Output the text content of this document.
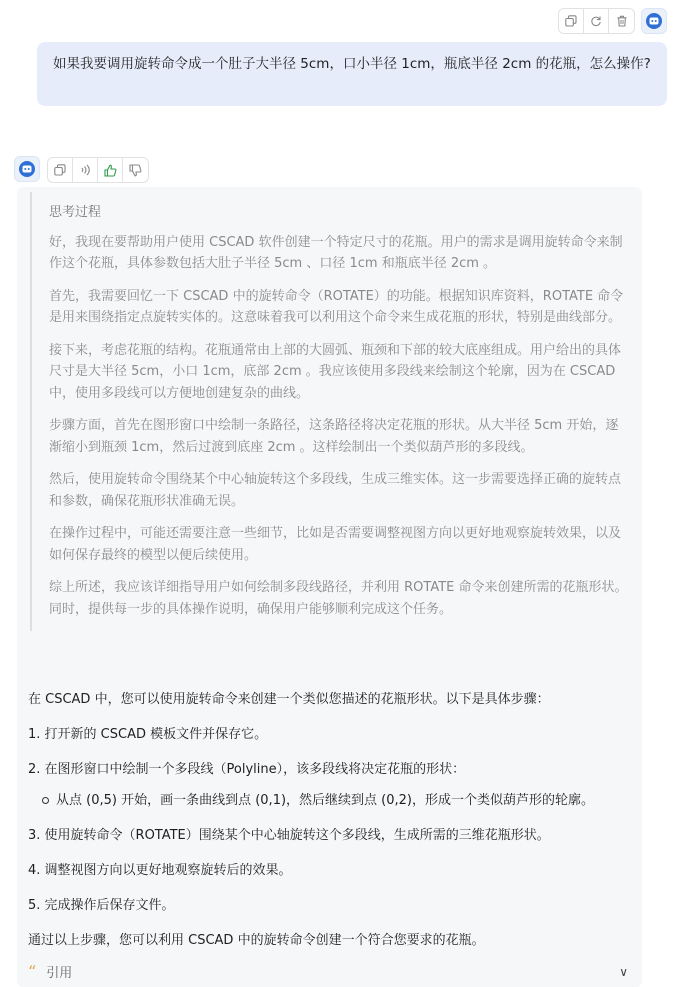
如果我要调用旋转命令成一个肚子大半径 5cm，口小半径 1cm，瓶底半径 2cm 的花瓶，怎么操作?
思考过程

好，我现在要帮助用户使用 CSCAD 软件创建一个特定尺寸的花瓶。用户的需求是调用旋转命令来制作这个花瓶，具体参数包括大肚子半径 5cm 、口径 1cm 和瓶底半径 2cm 。

首先，我需要回忆一下 CSCAD 中的旋转命令（ROTATE）的功能。根据知识库资料，ROTATE 命令是用来围绕指定点旋转实体的。这意味着我可以利用这个命令来生成花瓶的形状，特别是曲线部分。

接下来，考虑花瓶的结构。花瓶通常由上部的大圆弧、瓶颈和下部的较大底座组成。用户给出的具体尺寸是大半径 5cm，小口 1cm，底部 2cm 。我应该使用多段线来绘制这个轮廓，因为在 CSCAD 中，使用多段线可以方便地创建复杂的曲线。

步骤方面，首先在图形窗口中绘制一条路径，这条路径将决定花瓶的形状。从大半径 5cm 开始，逐渐缩小到瓶颈 1cm，然后过渡到底座 2cm 。这样绘制出一个类似葫芦形的多段线。

然后，使用旋转命令围绕某个中心轴旋转这个多段线，生成三维实体。这一步需要选择正确的旋转点和参数，确保花瓶形状准确无误。

在操作过程中，可能还需要注意一些细节，比如是否需要调整视图方向以更好地观察旋转效果，以及如何保存最终的模型以便后续使用。

综上所述，我应该详细指导用户如何绘制多段线路径，并利用 ROTATE 命令来创建所需的花瓶形状。同时，提供每一步的具体操作说明，确保用户能够顺利完成这个任务。

在 CSCAD 中，您可以使用旋转命令来创建一个类似您描述的花瓶形状。以下是具体步骤：

1. 打开新的 CSCAD 模板文件并保存它。

2. 在图形窗口中绘制一个多段线（Polyline），该多段线将决定花瓶的形状：

从点 (0,5) 开始，画一条曲线到点 (0,1)，然后继续到点 (0,2)，形成一个类似葫芦形的轮廓。

3. 使用旋转命令（ROTATE）围绕某个中心轴旋转这个多段线，生成所需的三维花瓶形状。

4. 调整视图方向以更好地观察旋转后的效果。

5. 完成操作后保存文件。

通过以上步骤，您可以利用 CSCAD 中的旋转命令创建一个符合您要求的花瓶。

“ 引用	∨
